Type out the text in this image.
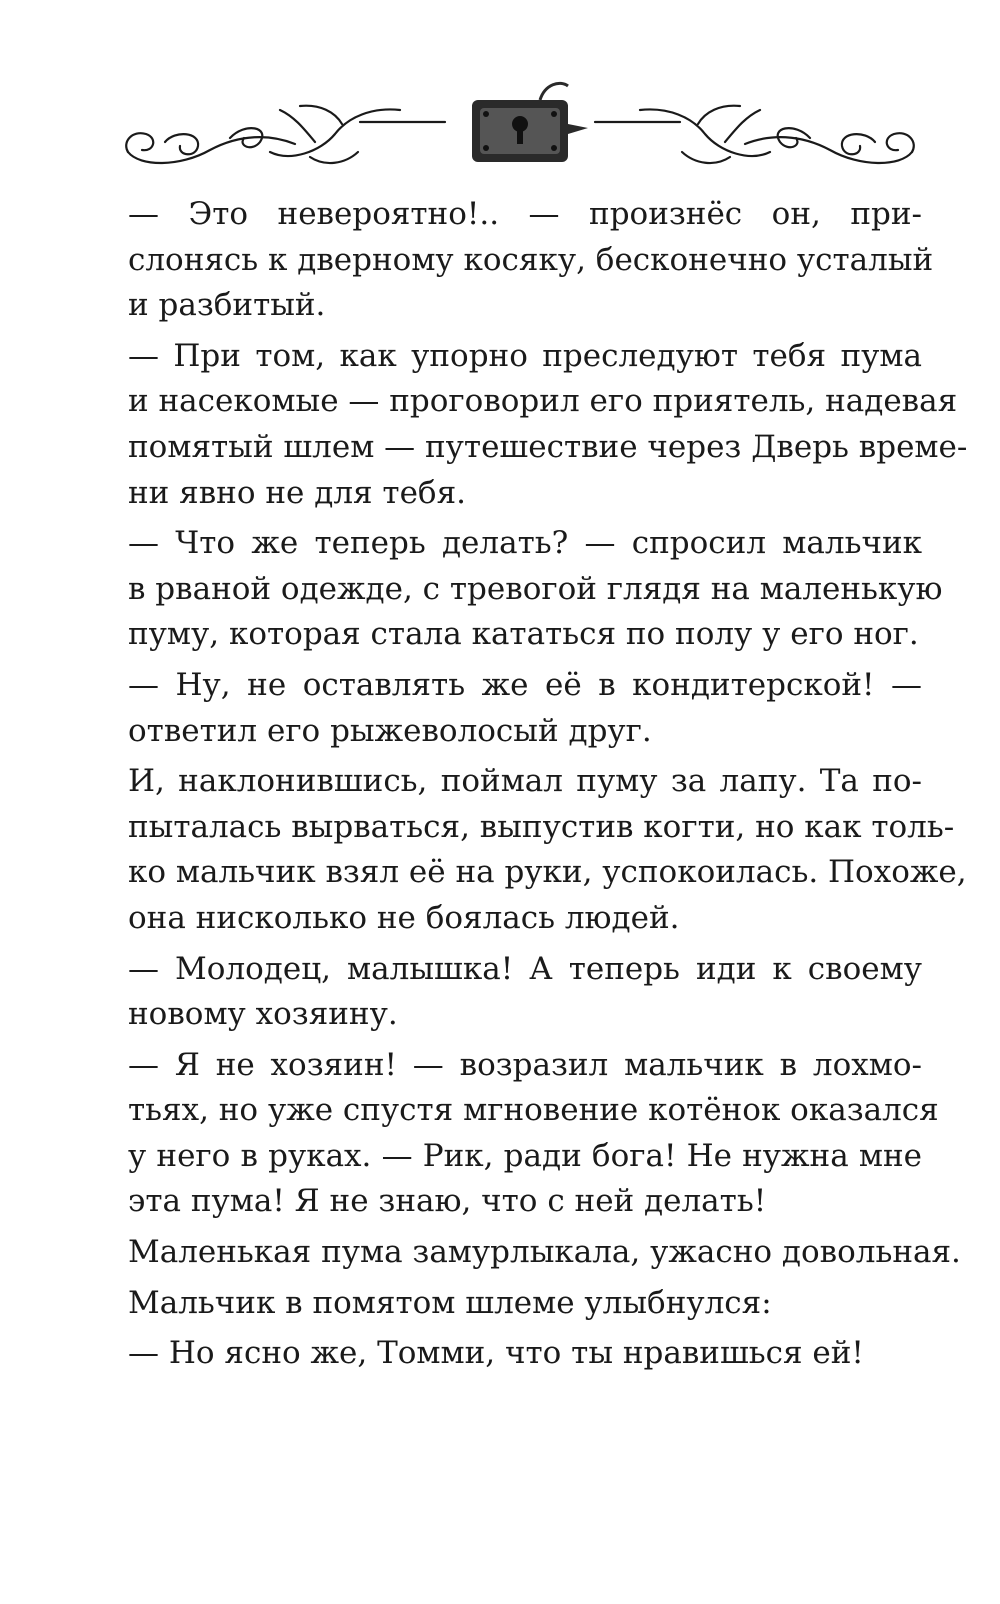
— Это невероятно!.. — произнёс он, при-
слонясь к дверному косяку, бесконечно усталый
и разбитый.
— При том, как упорно преследуют тебя пума
и насекомые — проговорил его приятель, надевая
помятый шлем — путешествие через Дверь време-
ни явно не для тебя.
— Что же теперь делать? — спросил мальчик
в рваной одежде, с тревогой глядя на маленькую
пуму, которая стала кататься по полу у его ног.
— Ну, не оставлять же её в кондитерской! —
ответил его рыжеволосый друг.
И, наклонившись, поймал пуму за лапу. Та по-
пыталась вырваться, выпустив когти, но как толь-
ко мальчик взял её на руки, успокоилась. Похоже,
она нисколько не боялась людей.
— Молодец, малышка! А теперь иди к своему
новому хозяину.
— Я не хозяин! — возразил мальчик в лохмо-
тьях, но уже спустя мгновение котёнок оказался
у него в руках. — Рик, ради бога! Не нужна мне
эта пума! Я не знаю, что с ней делать!
Маленькая пума замурлыкала, ужасно довольная.
Мальчик в помятом шлеме улыбнулся:
— Но ясно же, Томми, что ты нравишься ей!
